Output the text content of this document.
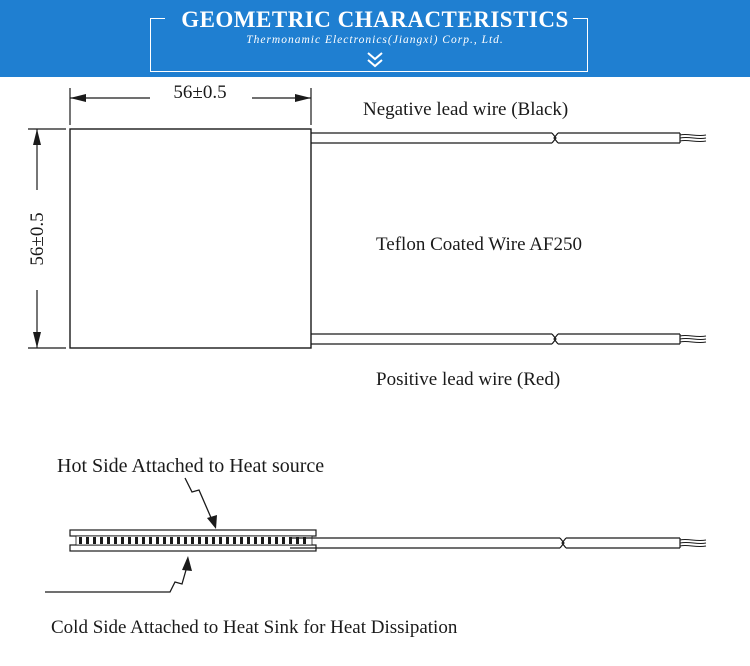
GEOMETRIC CHARACTERISTICS
Thermonamic Electronics(Jiangxi) Corp., Ltd.
56±0.5
56±0.5
Negative lead wire (Black)
Teflon Coated Wire AF250
Positive lead wire (Red)
Hot Side Attached to Heat source
Cold Side Attached to Heat Sink for Heat Dissipation
